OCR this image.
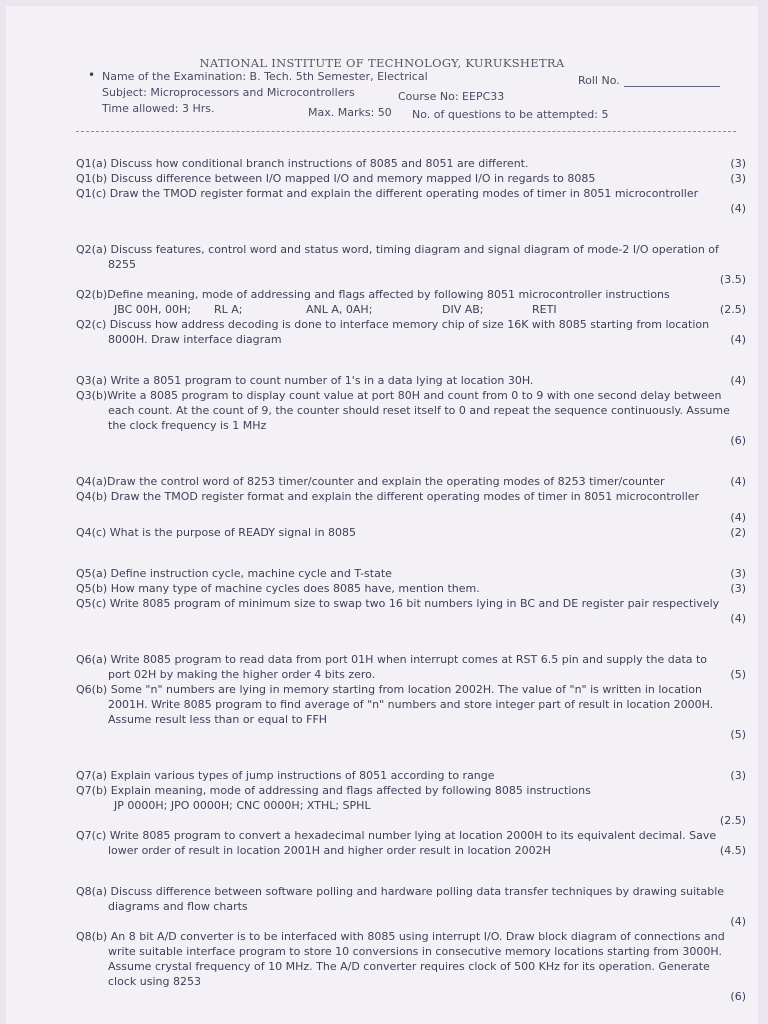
NATIONAL INSTITUTE OF TECHNOLOGY, KURUKSHETRA
• Name of the Examination: B. Tech. 5th Semester, Electrical	Roll No.
Subject: Microprocessors and Microcontrollers	Course No: EEPC33
Time allowed: 3 Hrs.	Max. Marks: 50 No. of questions to be attempted: 5
Q1(a) Discuss how conditional branch instructions of 8085 and 8051 are different.	(3)
Q1(b) Discuss difference between I/O mapped I/O and memory mapped I/O in regards to 8085	(3)
Q1(c) Draw the TMOD register format and explain the different operating modes of timer in 8051 microcontroller
(4)
Q2(a) Discuss features, control word and status word, timing diagram and signal diagram of mode-2 I/O operation of
8255
(3.5)
Q2(b)Define meaning, mode of addressing and flags affected by following 8051 microcontroller instructions
JBC 00H, 00H;	RL A;	ANL A, 0AH;	DIV AB;	RETI	(2.5)
Q2(c) Discuss how address decoding is done to interface memory chip of size 16K with 8085 starting from location
8000H. Draw interface diagram	(4)
Q3(a) Write a 8051 program to count number of 1's in a data lying at location 30H.	(4)
Q3(b)Write a 8085 program to display count value at port 80H and count from 0 to 9 with one second delay between
each count. At the count of 9, the counter should reset itself to 0 and repeat the sequence continuously. Assume
the clock frequency is 1 MHz
(6)
Q4(a)Draw the control word of 8253 timer/counter and explain the operating modes of 8253 timer/counter	(4)
Q4(b) Draw the TMOD register format and explain the different operating modes of timer in 8051 microcontroller
(4)
Q4(c) What is the purpose of READY signal in 8085	(2)
Q5(a) Define instruction cycle, machine cycle and T-state	(3)
Q5(b) How many type of machine cycles does 8085 have, mention them.	(3)
Q5(c) Write 8085 program of minimum size to swap two 16 bit numbers lying in BC and DE register pair respectively
(4)
Q6(a) Write 8085 program to read data from port 01H when interrupt comes at RST 6.5 pin and supply the data to
port 02H by making the higher order 4 bits zero.	(5)
Q6(b) Some "n" numbers are lying in memory starting from location 2002H. The value of "n" is written in location
2001H. Write 8085 program to find average of "n" numbers and store integer part of result in location 2000H.
Assume result less than or equal to FFH
(5)
Q7(a) Explain various types of jump instructions of 8051 according to range	(3)
Q7(b) Explain meaning, mode of addressing and flags affected by following 8085 instructions
JP 0000H; JPO 0000H; CNC 0000H; XTHL; SPHL
(2.5)
Q7(c) Write 8085 program to convert a hexadecimal number lying at location 2000H to its equivalent decimal. Save
lower order of result in location 2001H and higher order result in location 2002H	(4.5)
Q8(a) Discuss difference between software polling and hardware polling data transfer techniques by drawing suitable
diagrams and flow charts
(4)
Q8(b) An 8 bit A/D converter is to be interfaced with 8085 using interrupt I/O. Draw block diagram of connections and
write suitable interface program to store 10 conversions in consecutive memory locations starting from 3000H.
Assume crystal frequency of 10 MHz. The A/D converter requires clock of 500 KHz for its operation. Generate
clock using 8253
(6)
